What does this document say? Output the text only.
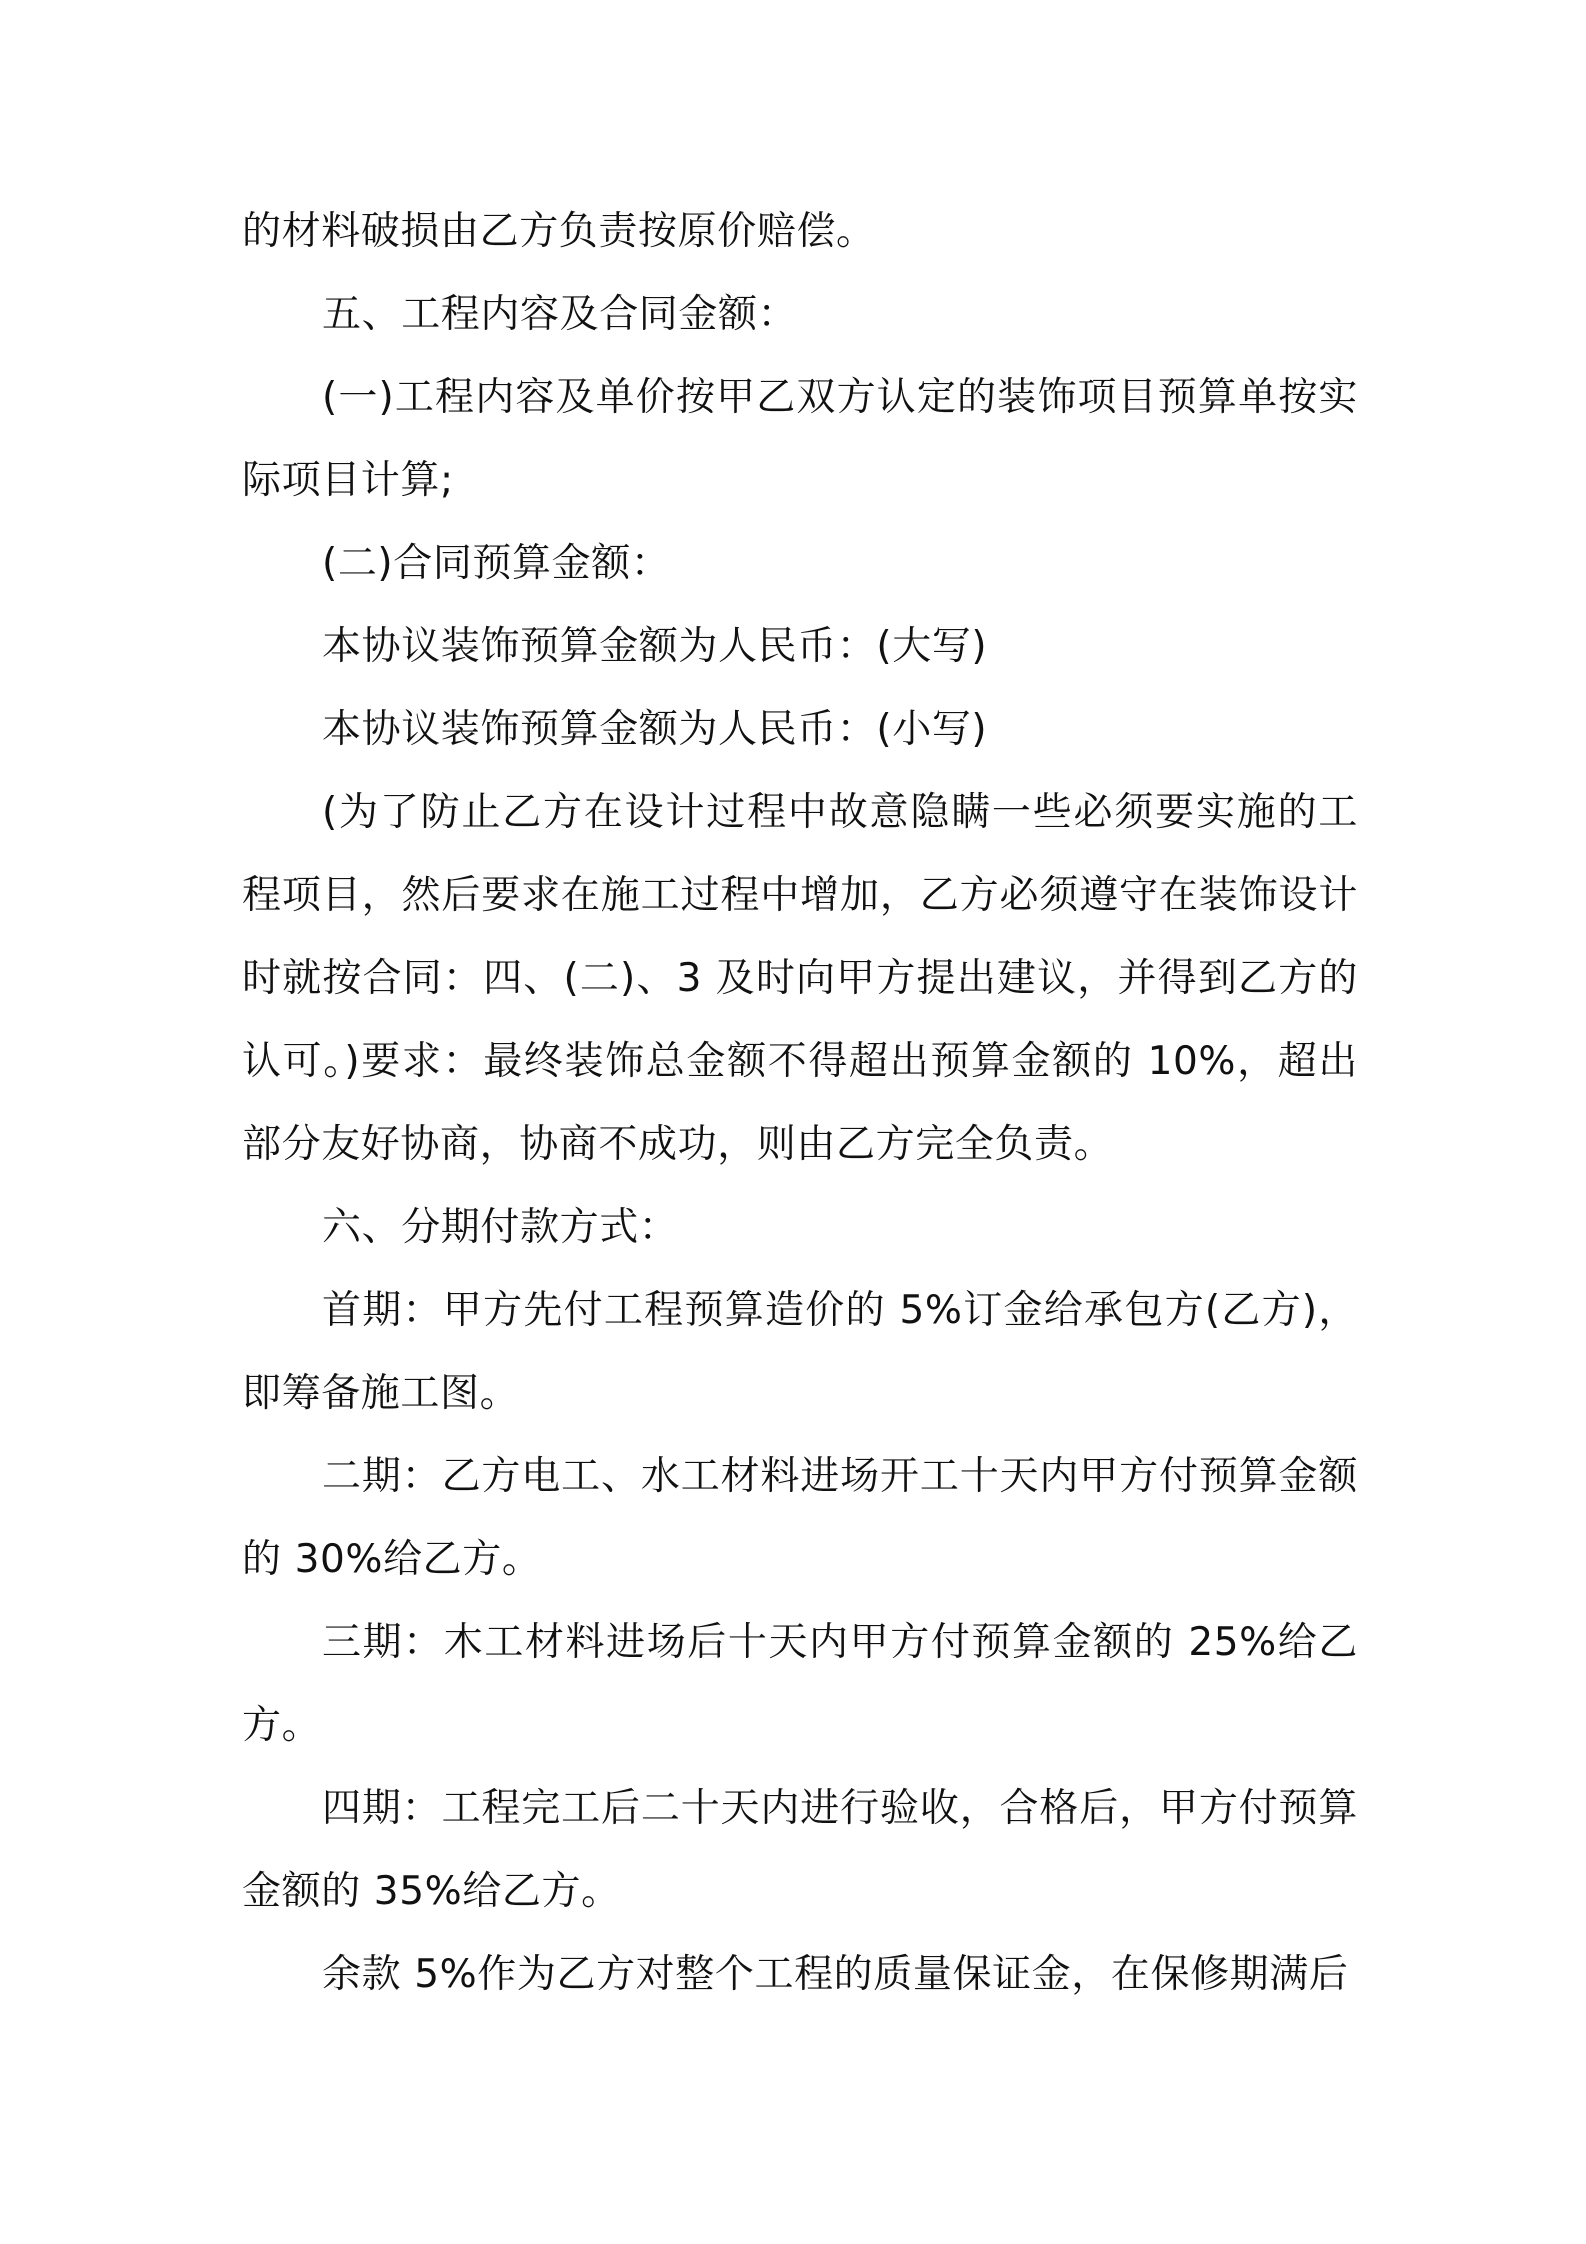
的材料破损由乙方负责按原价赔偿。

五、工程内容及合同金额：

(一)工程内容及单价按甲乙双方认定的装饰项目预算单按实际项目计算;

(二)合同预算金额：

本协议装饰预算金额为人民币：(大写)

本协议装饰预算金额为人民币：(小写)

(为了防止乙方在设计过程中故意隐瞒一些必须要实施的工程项目，然后要求在施工过程中增加，乙方必须遵守在装饰设计时就按合同：四、(二)、3 及时向甲方提出建议，并得到乙方的认可。)要求：最终装饰总金额不得超出预算金额的 10%，超出部分友好协商，协商不成功，则由乙方完全负责。

六、分期付款方式：

首期：甲方先付工程预算造价的 5%订金给承包方(乙方)，即筹备施工图。

二期：乙方电工、水工材料进场开工十天内甲方付预算金额的 30%给乙方。

三期：木工材料进场后十天内甲方付预算金额的 25%给乙方。

四期：工程完工后二十天内进行验收，合格后，甲方付预算金额的 35%给乙方。

余款 5%作为乙方对整个工程的质量保证金，在保修期满后
